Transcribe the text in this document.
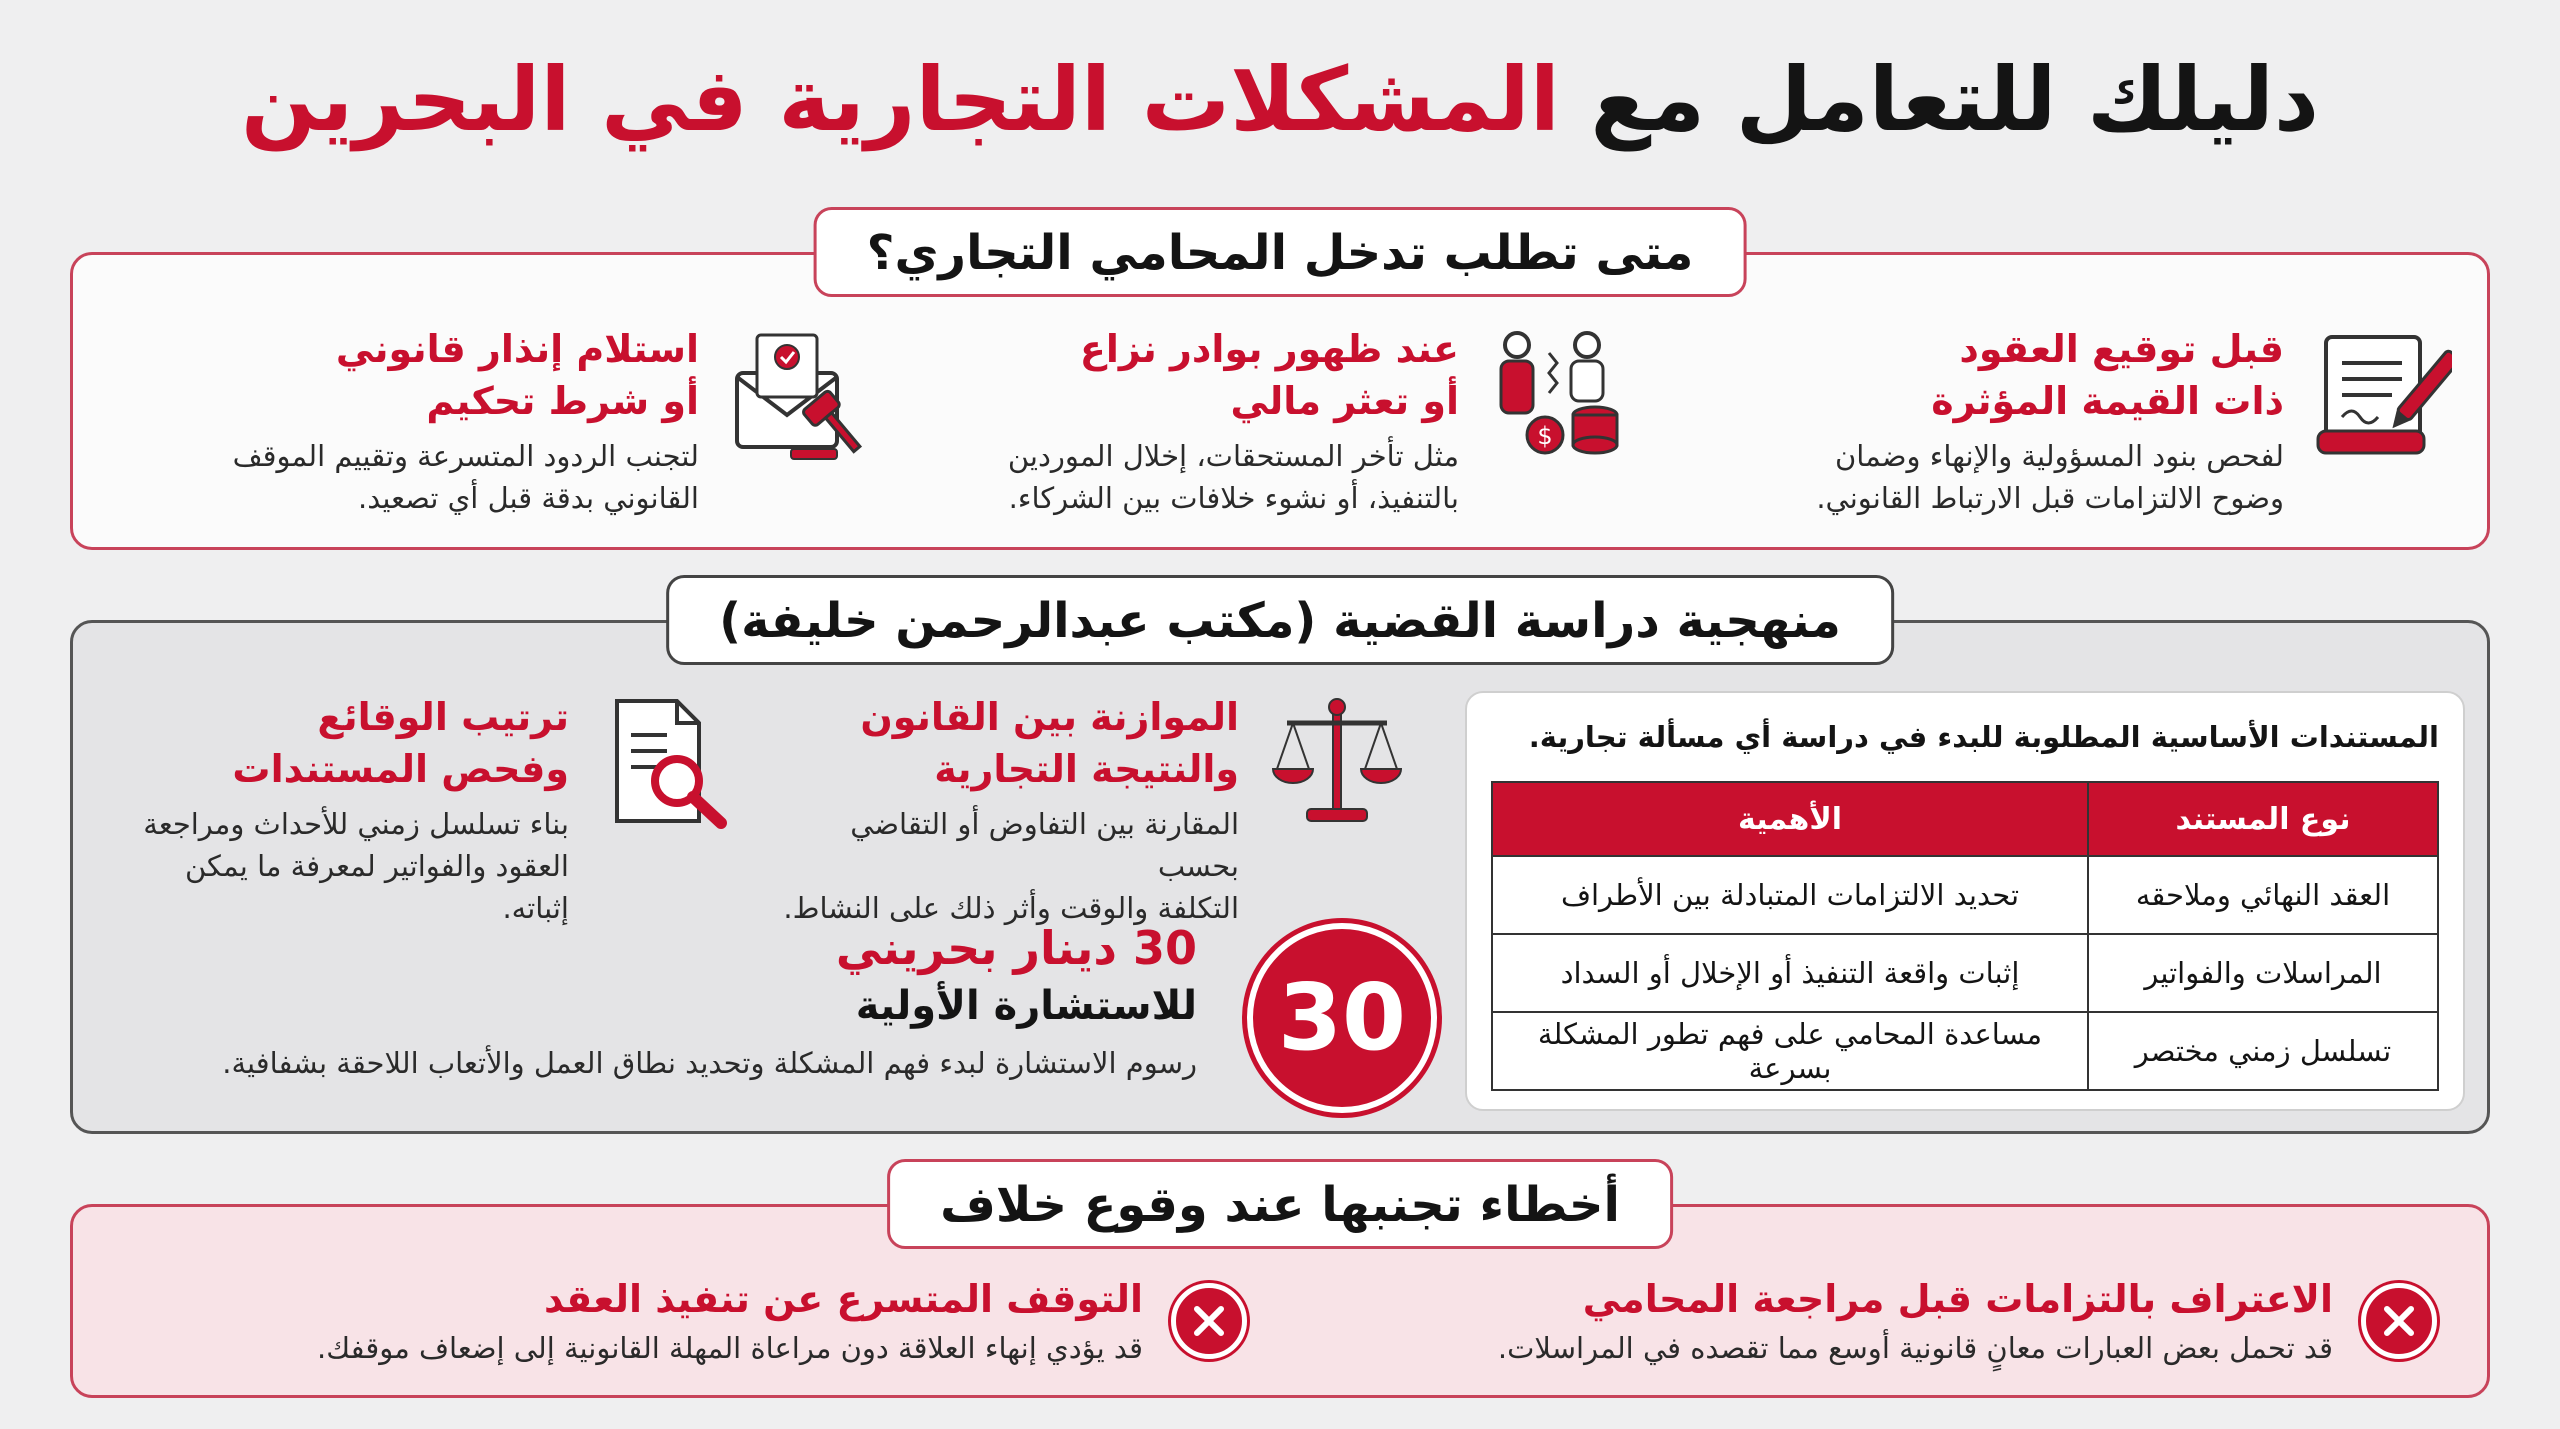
دليلك للتعامل مع المشكلات التجارية في البحرين
متى تطلب تدخل المحامي التجاري؟
قبل توقيع العقود
ذات القيمة المؤثرة

لفحص بنود المسؤولية والإنهاء وضمان
وضوح الالتزامات قبل الارتباط القانوني.

$
عند ظهور بوادر نزاع
أو تعثر مالي

مثل تأخر المستحقات، إخلال الموردين
بالتنفيذ، أو نشوء خلافات بين الشركاء.

استلام إنذار قانوني
أو شرط تحكيم

لتجنب الردود المتسرعة وتقييم الموقف
القانوني بدقة قبل أي تصعيد.

منهجية دراسة القضية (مكتب عبدالرحمن خليفة)
المستندات الأساسية المطلوبة للبدء في دراسة أي مسألة تجارية.
نوع المستند	الأهمية
العقد النهائي وملاحقه	تحديد الالتزامات المتبادلة بين الأطراف
المراسلات والفواتير	إثبات واقعة التنفيذ أو الإخلال أو السداد
تسلسل زمني مختصر	مساعدة المحامي على فهم تطور المشكلة بسرعة
الموازنة بين القانون
والنتيجة التجارية

المقارنة بين التفاوض أو التقاضي بحسب
التكلفة والوقت وأثر ذلك على النشاط.

ترتيب الوقائع
وفحص المستندات

بناء تسلسل زمني للأحداث ومراجعة
العقود والفواتير لمعرفة ما يمكن إثباته.

30
30 دينار بحريني
للاستشارة الأولية
رسوم الاستشارة لبدء فهم المشكلة وتحديد نطاق العمل والأتعاب اللاحقة بشفافية.
أخطاء تجنبها عند وقوع خلاف
الاعتراف بالتزامات قبل مراجعة المحامي

قد تحمل بعض العبارات معانٍ قانونية أوسع مما تقصده في المراسلات.

التوقف المتسرع عن تنفيذ العقد

قد يؤدي إنهاء العلاقة دون مراعاة المهلة القانونية إلى إضعاف موقفك.
